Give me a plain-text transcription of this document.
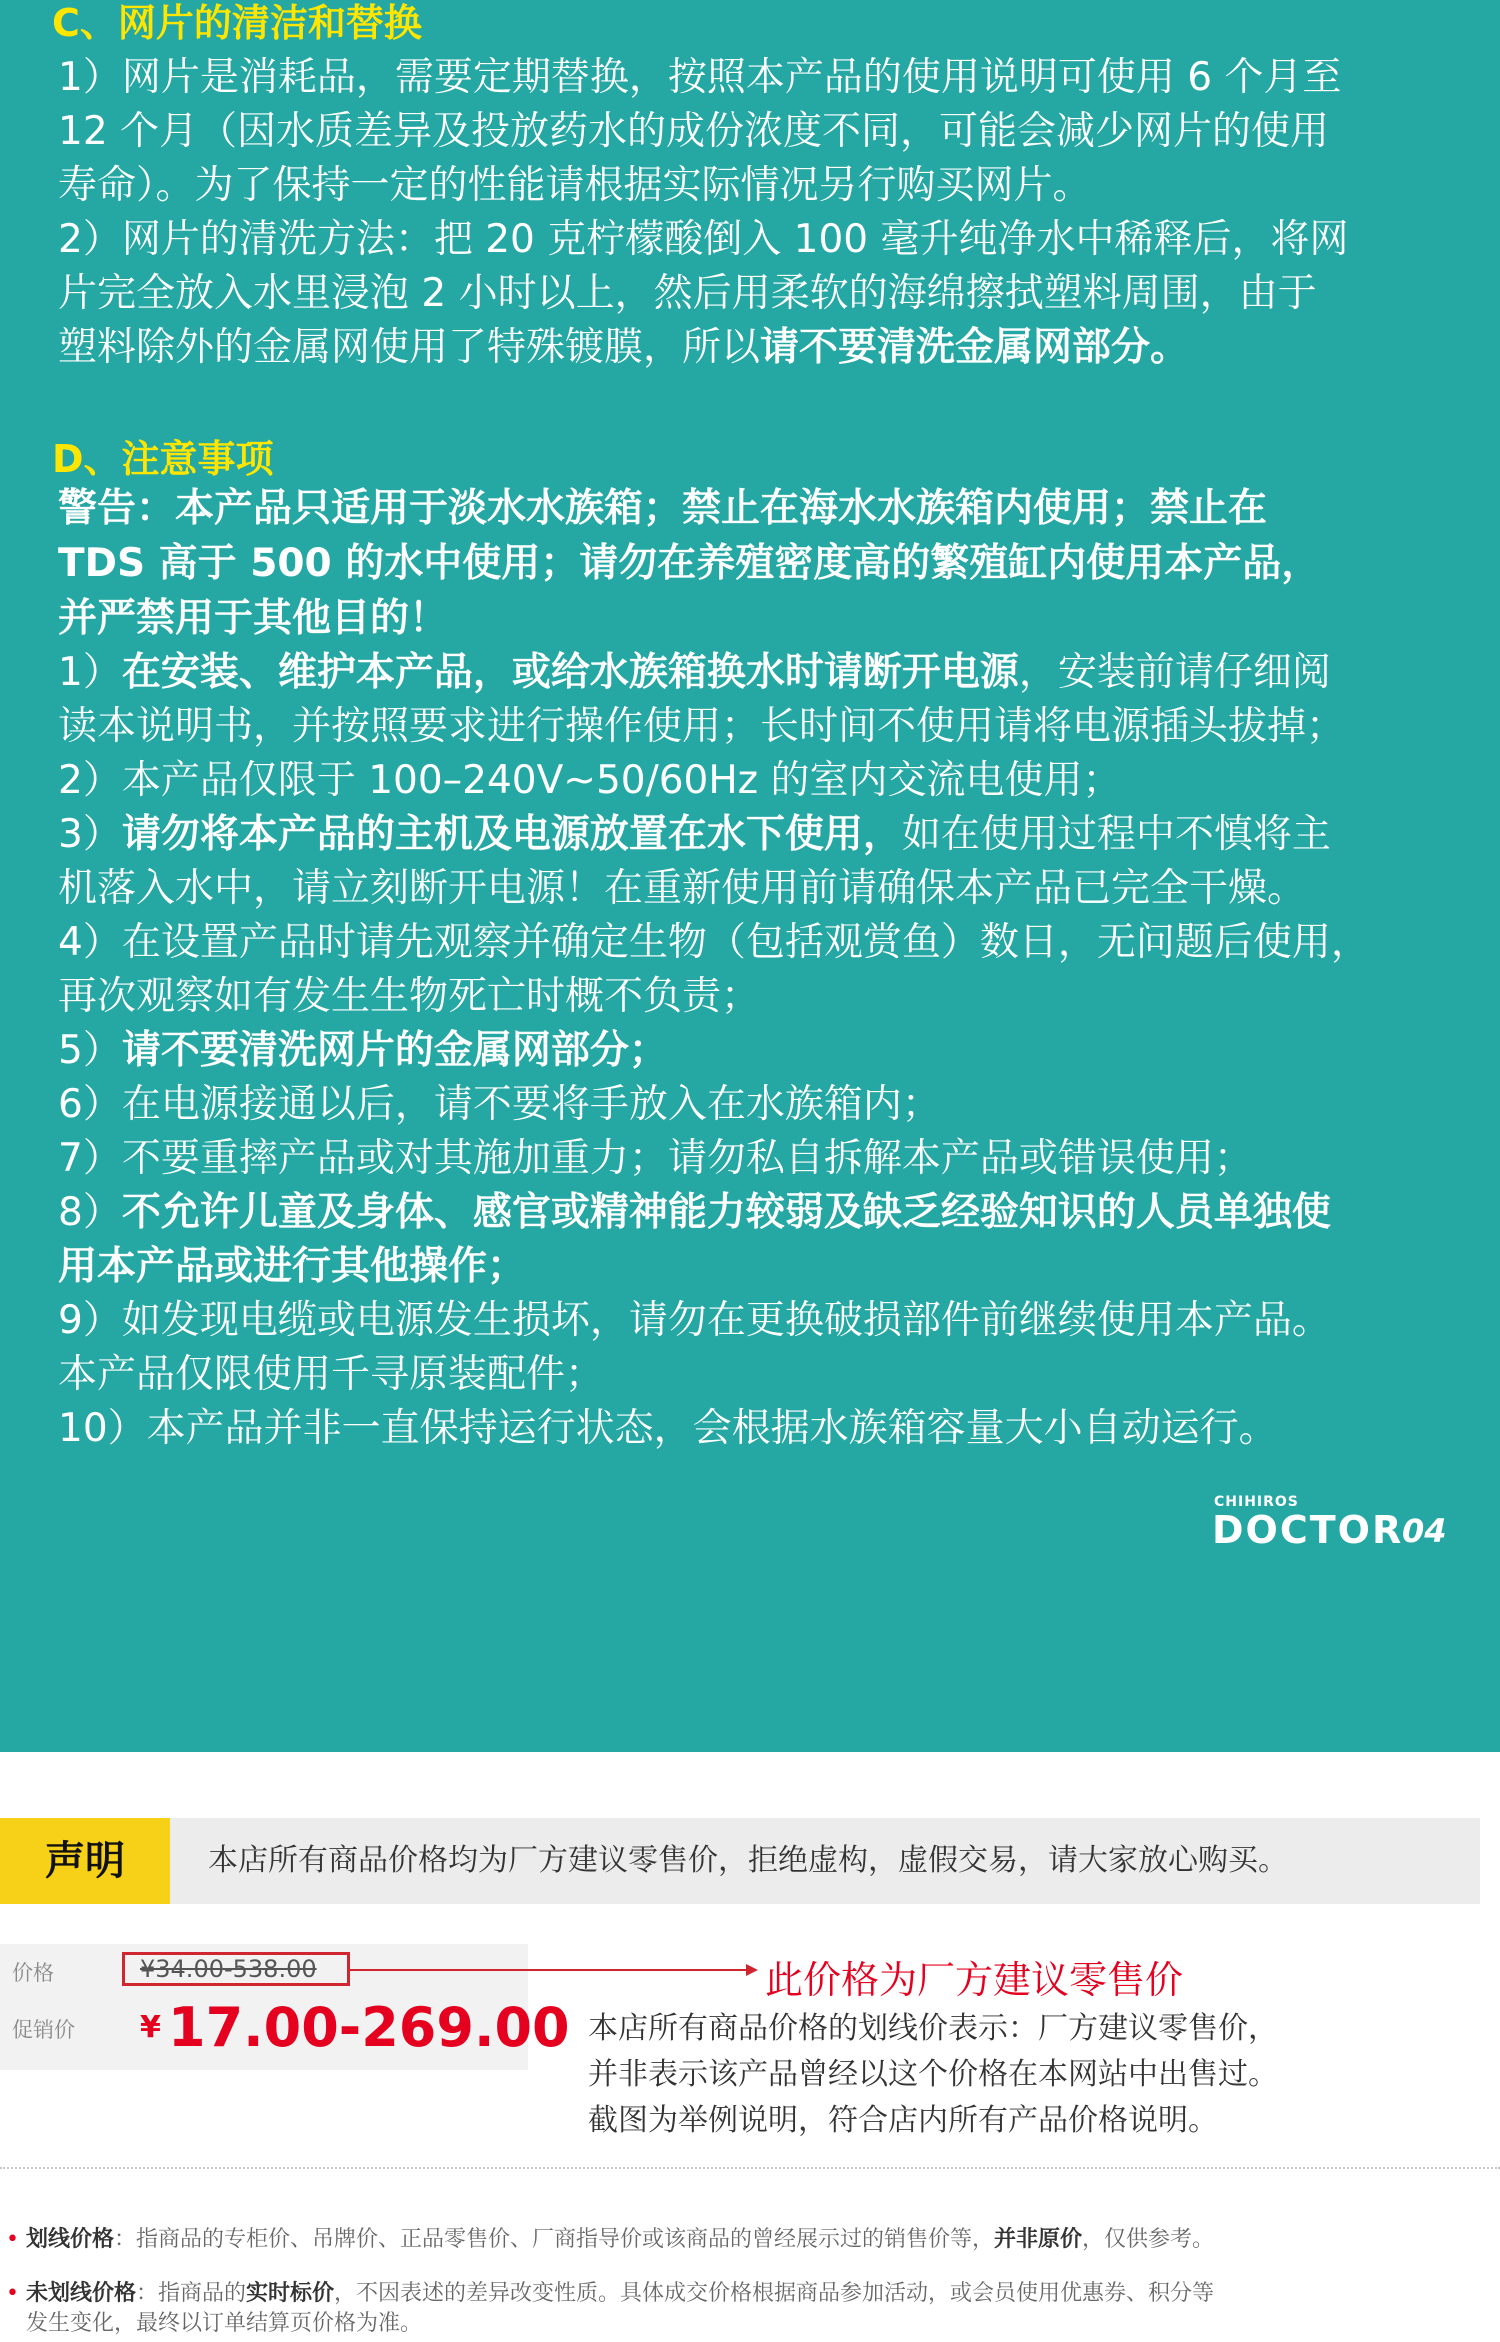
C、网片的清洁和替换
1）网片是消耗品，需要定期替换，按照本产品的使用说明可使用 6 个月至
12 个月（因水质差异及投放药水的成份浓度不同，可能会减少网片的使用
寿命）。为了保持一定的性能请根据实际情况另行购买网片。
2）网片的清洗方法：把 20 克柠檬酸倒入 100 毫升纯净水中稀释后，将网
片完全放入水里浸泡 2 小时以上，然后用柔软的海绵擦拭塑料周围，由于
塑料除外的金属网使用了特殊镀膜，所以请不要清洗金属网部分。
D、注意事项
警告：本产品只适用于淡水水族箱；禁止在海水水族箱内使用；禁止在
TDS 高于 500 的水中使用；请勿在养殖密度高的繁殖缸内使用本产品，
并严禁用于其他目的！
1）在安装、维护本产品，或给水族箱换水时请断开电源，安装前请仔细阅
读本说明书，并按照要求进行操作使用；长时间不使用请将电源插头拔掉；
2）本产品仅限于 100–240V~50/60Hz 的室内交流电使用；
3）请勿将本产品的主机及电源放置在水下使用，如在使用过程中不慎将主
机落入水中，请立刻断开电源！在重新使用前请确保本产品已完全干燥。
4）在设置产品时请先观察并确定生物（包括观赏鱼）数日，无问题后使用，
再次观察如有发生生物死亡时概不负责；
5）请不要清洗网片的金属网部分；
6）在电源接通以后，请不要将手放入在水族箱内；
7）不要重摔产品或对其施加重力；请勿私自拆解本产品或错误使用；
8）不允许儿童及身体、感官或精神能力较弱及缺乏经验知识的人员单独使
用本产品或进行其他操作；
9）如发现电缆或电源发生损坏，请勿在更换破损部件前继续使用本产品。
本产品仅限使用千寻原装配件；
10）本产品并非一直保持运行状态，会根据水族箱容量大小自动运行。
CHIHIROS
DOCTOR
04
声明	本店所有商品价格均为厂方建议零售价，拒绝虚构，虚假交易，请大家放心购买。
价格	¥34.00-538.00
促销价 ¥ 17.00-269.00
此价格为厂方建议零售价
本店所有商品价格的划线价表示：厂方建议零售价，
并非表示该产品曾经以这个价格在本网站中出售过。
截图为举例说明，符合店内所有产品价格说明。
• 划线价格：指商品的专柜价、吊牌价、正品零售价、厂商指导价或该商品的曾经展示过的销售价等，并非原价，仅供参考。
• 未划线价格：指商品的实时标价，不因表述的差异改变性质。具体成交价格根据商品参加活动，或会员使用优惠券、积分等
发生变化，最终以订单结算页价格为准。
